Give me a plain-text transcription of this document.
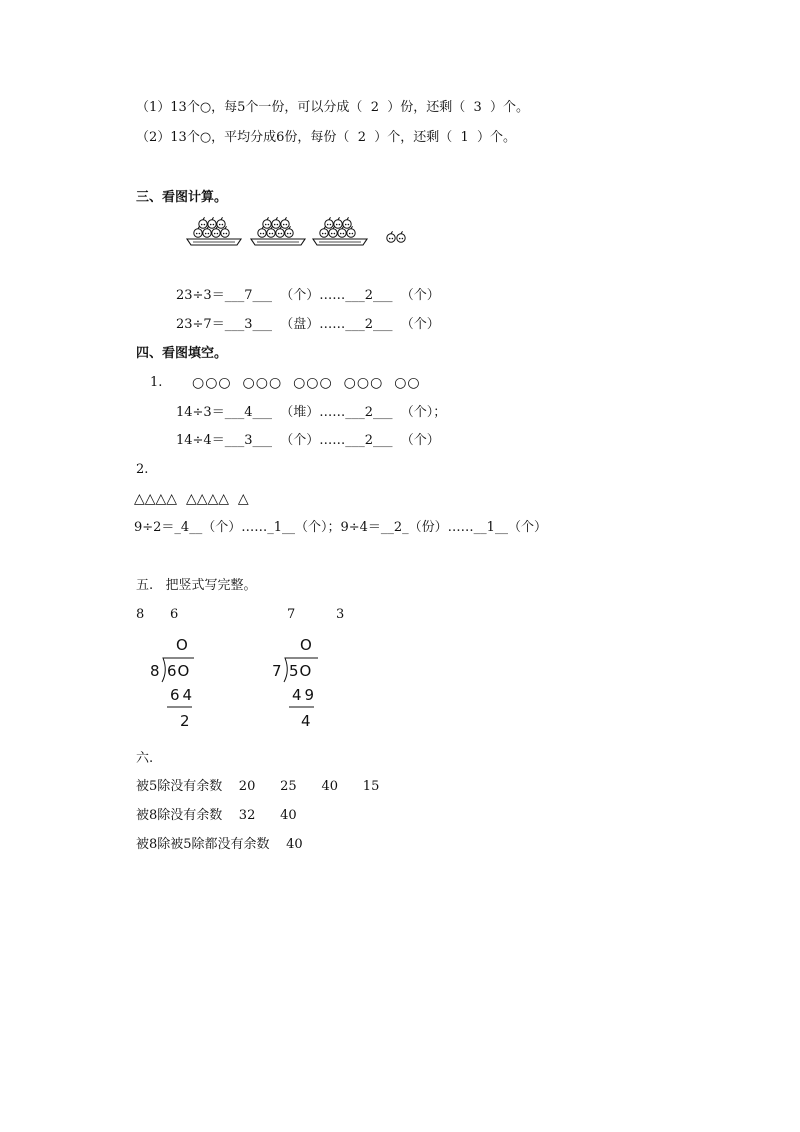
（1）13个○，每5个一份，可以分成（  2  ）份，还剩（  3  ）个。
（2）13个○，平均分成6份，每份（  2  ）个，还剩（  1  ）个。
三、看图计算。
23÷3＝___7___  （个）……___2___  （个）
23÷7＝___3___  （盘）……___2___  （个）
四、看图填空。
1. ○○○  ○○○  ○○○  ○○○  ○○
14÷3＝___4___  （堆）……___2___  （个）；
14÷4＝___3___  （个）……___2___  （个）
2.
△△△△  △△△△  △
9÷2＝_4__（个）……_1__（个）；9÷4＝__2_（份）……__1__（个）
五.   把竖式写完整。
8 6	7	3
O
8 6O
64
2
O
7 5O
49
4
六.
被5除没有余数    20      25      40      15
被8除没有余数    32      40
被8除被5除都没有余数    40
